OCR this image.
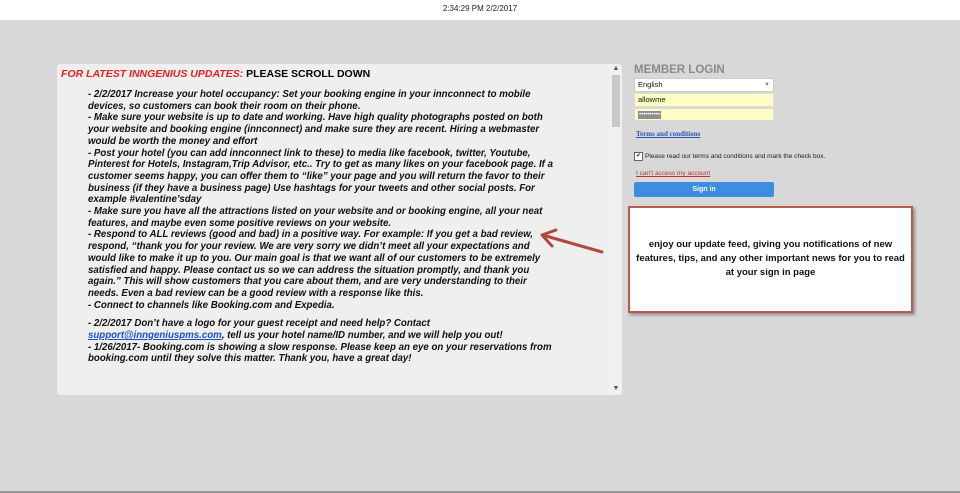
2:34:29 PM 2/2/2017
FOR LATEST INNGENIUS UPDATES: PLEASE SCROLL DOWN

- 2/2/2017 Increase your hotel occupancy: Set your booking engine in your innconnect to mobile devices, so customers can book their room on their phone.

- Make sure your website is up to date and working. Have high quality photographs posted on both your website and booking engine (innconnect) and make sure they are recent. Hiring a webmaster would be worth the money and effort

- Post your hotel (you can add innconnect link to these) to media like facebook, twitter, Youtube, Pinterest for Hotels, Instagram,Trip Advisor, etc.. Try to get as many likes on your facebook page. If a customer seems happy, you can offer them to “like” your page and you will return the favor to their business (if they have a business page) Use hashtags for your tweets and other social posts. For example #valentine’sday

- Make sure you have all the attractions listed on your website and or booking engine, all your neat features, and maybe even some positive reviews on your website.

- Respond to ALL reviews (good and bad) in a positive way. For example: If you get a bad review, respond, “thank you for your review. We are very sorry we didn’t meet all your expectations and would like to make it up to you. Our main goal is that we want all of our customers to be extremely satisfied and happy. Please contact us so we can address the situation promptly, and thank you again.” This will show customers that you care about them, and are very understanding to their needs. Even a bad review can be a good review with a response like this.

- Connect to channels like Booking.com and Expedia.

- 2/2/2017 Don’t have a logo for your guest receipt and need help? Contact support@inngeniuspms.com, tell us your hotel name/ID number, and we will help you out!

- 1/26/2017- Booking.com is showing a slow response. Please keep an eye on your reservations from booking.com until they solve this matter. Thank you, have a great day!

▲
▼
MEMBER LOGIN
English	▼
allowme
••••••••••
Terms and conditions
✔ Please read our terms and conditions and mark the check box.
I can't access my account
Sign in
enjoy our update feed, giving you notifications of new features, tips, and any other important news for you to read at your sign in page
